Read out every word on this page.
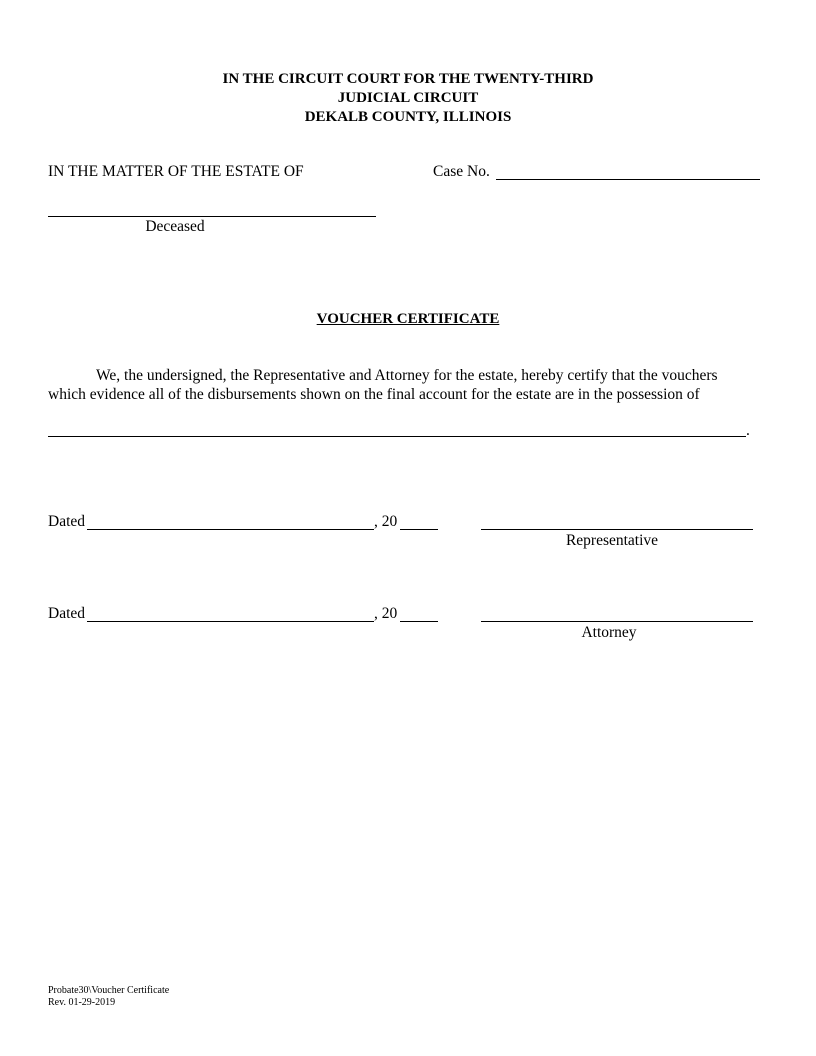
IN THE CIRCUIT COURT FOR THE TWENTY-THIRD
JUDICIAL CIRCUIT
DEKALB COUNTY, ILLINOIS
IN THE MATTER OF THE ESTATE OF	Case No.
Deceased
VOUCHER CERTIFICATE
We, the undersigned, the Representative and Attorney for the estate, hereby certify that the vouchers which evidence all of the disbursements shown on the final account for the estate are in the possession of
.
Dated	, 20
Representative
Dated	, 20
Attorney
Probate30\Voucher Certificate
Rev. 01-29-2019
